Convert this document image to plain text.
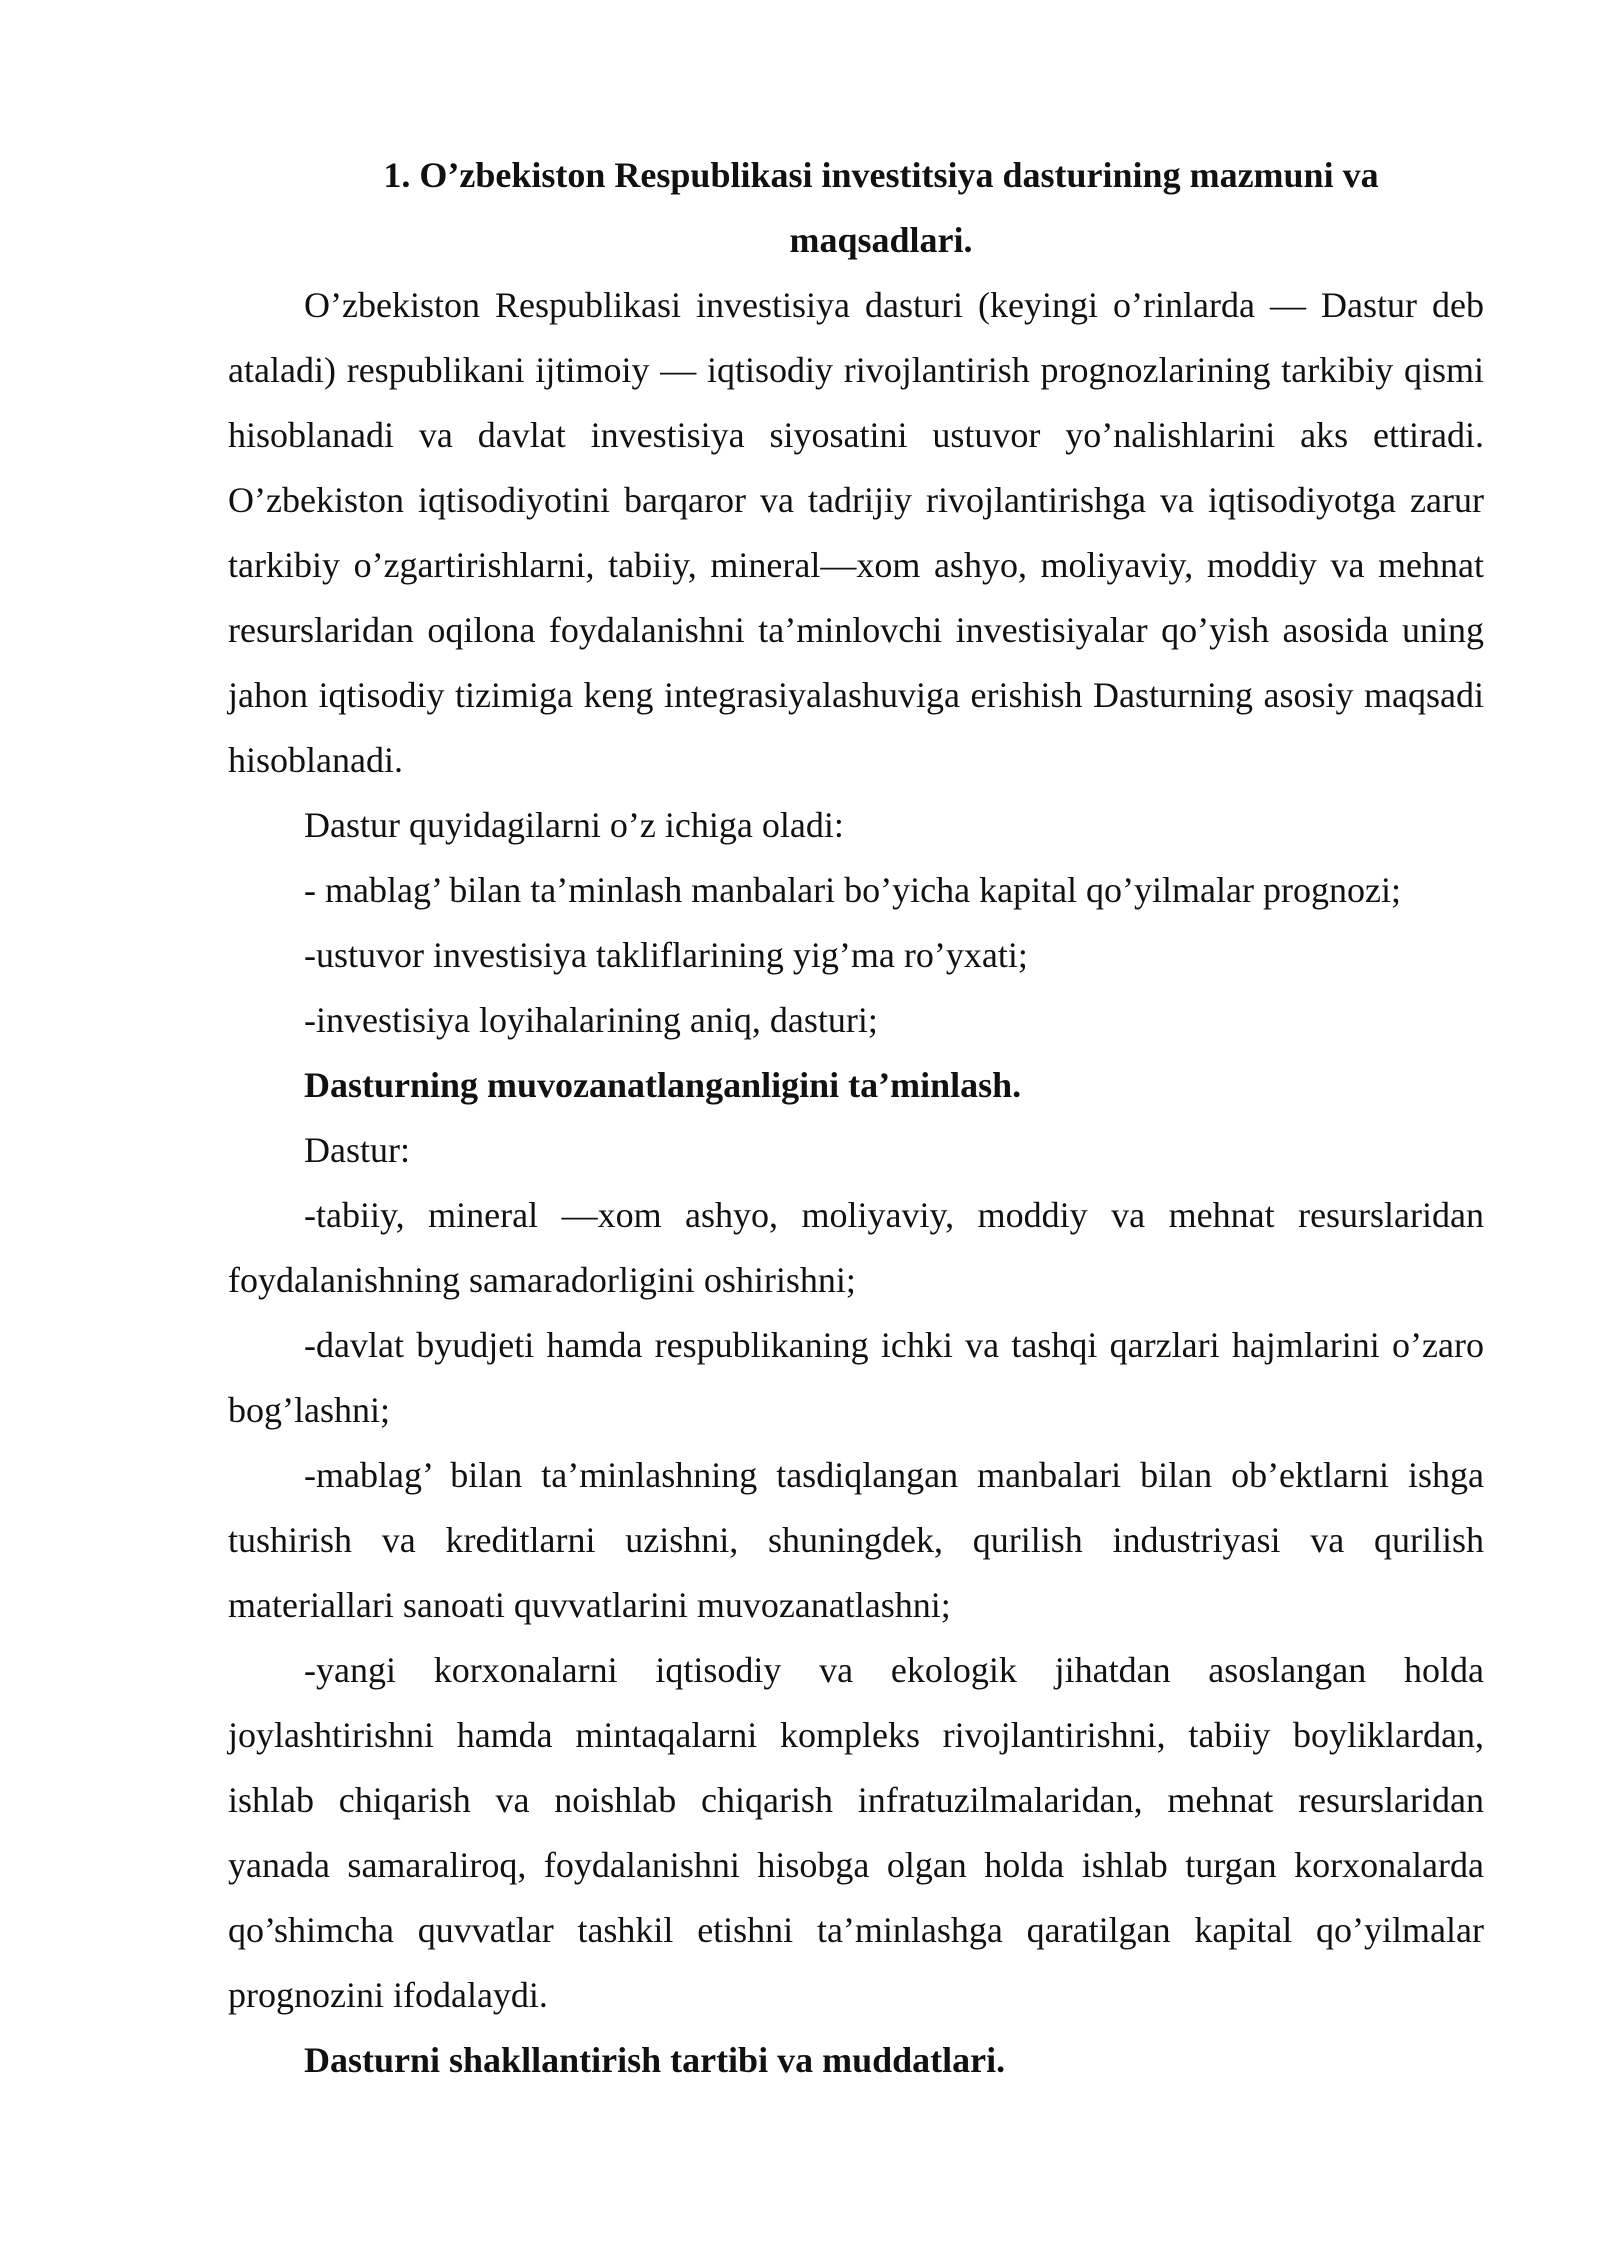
1. O’zbekiston Respublikasi investitsiya dasturining mazmuni va maqsadlari.

O’zbekiston Respublikasi investisiya dasturi (keyingi o’rinlarda — Dastur deb ataladi) respublikani ijtimoiy — iqtisodiy rivojlantirish prognozlarining tarkibiy qismi hisoblanadi va davlat investisiya siyosatini ustuvor yo’nalishlarini aks ettiradi. O’zbekiston iqtisodiyotini barqaror va tadrijiy rivojlantirishga va iqtisodiyotga zarur tarkibiy o’zgartirishlarni, tabiiy, mineral—xom ashyo, moliyaviy, moddiy va mehnat resurslaridan oqilona foydalanishni ta’minlovchi investisiyalar qo’yish asosida uning jahon iqtisodiy tizimiga keng integrasiyalashuviga erishish Dasturning asosiy maqsadi hisoblanadi.

Dastur quyidagilarni o’z ichiga oladi:

- mablag’ bilan ta’minlash manbalari bo’yicha kapital qo’yilmalar prognozi;

-ustuvor investisiya takliflarining yig’ma ro’yxati;

-investisiya loyihalarining aniq, dasturi;

Dasturning muvozanatlanganligini ta’minlash.

Dastur:

-tabiiy, mineral —xom ashyo, moliyaviy, moddiy va mehnat resurslaridan foydalanishning samaradorligini oshirishni;

-davlat byudjeti hamda respublikaning ichki va tashqi qarzlari hajmlarini o’zaro bog’lashni;

-mablag’ bilan ta’minlashning tasdiqlangan manbalari bilan ob’ektlarni ishga tushirish va kreditlarni uzishni, shuningdek, qurilish industriyasi va qurilish materiallari sanoati quvvatlarini muvozanatlashni;

-yangi korxonalarni iqtisodiy va ekologik jihatdan asoslangan holda joylashtirishni hamda mintaqalarni kompleks rivojlantirishni, tabiiy boyliklardan, ishlab chiqarish va noishlab chiqarish infratuzilmalaridan, mehnat resurslaridan yanada samaraliroq, foydalanishni hisobga olgan holda ishlab turgan korxonalarda qo’shimcha quvvatlar tashkil etishni ta’minlashga qaratilgan kapital qo’yilmalar prognozini ifodalaydi.

Dasturni shakllantirish tartibi va muddatlari.
